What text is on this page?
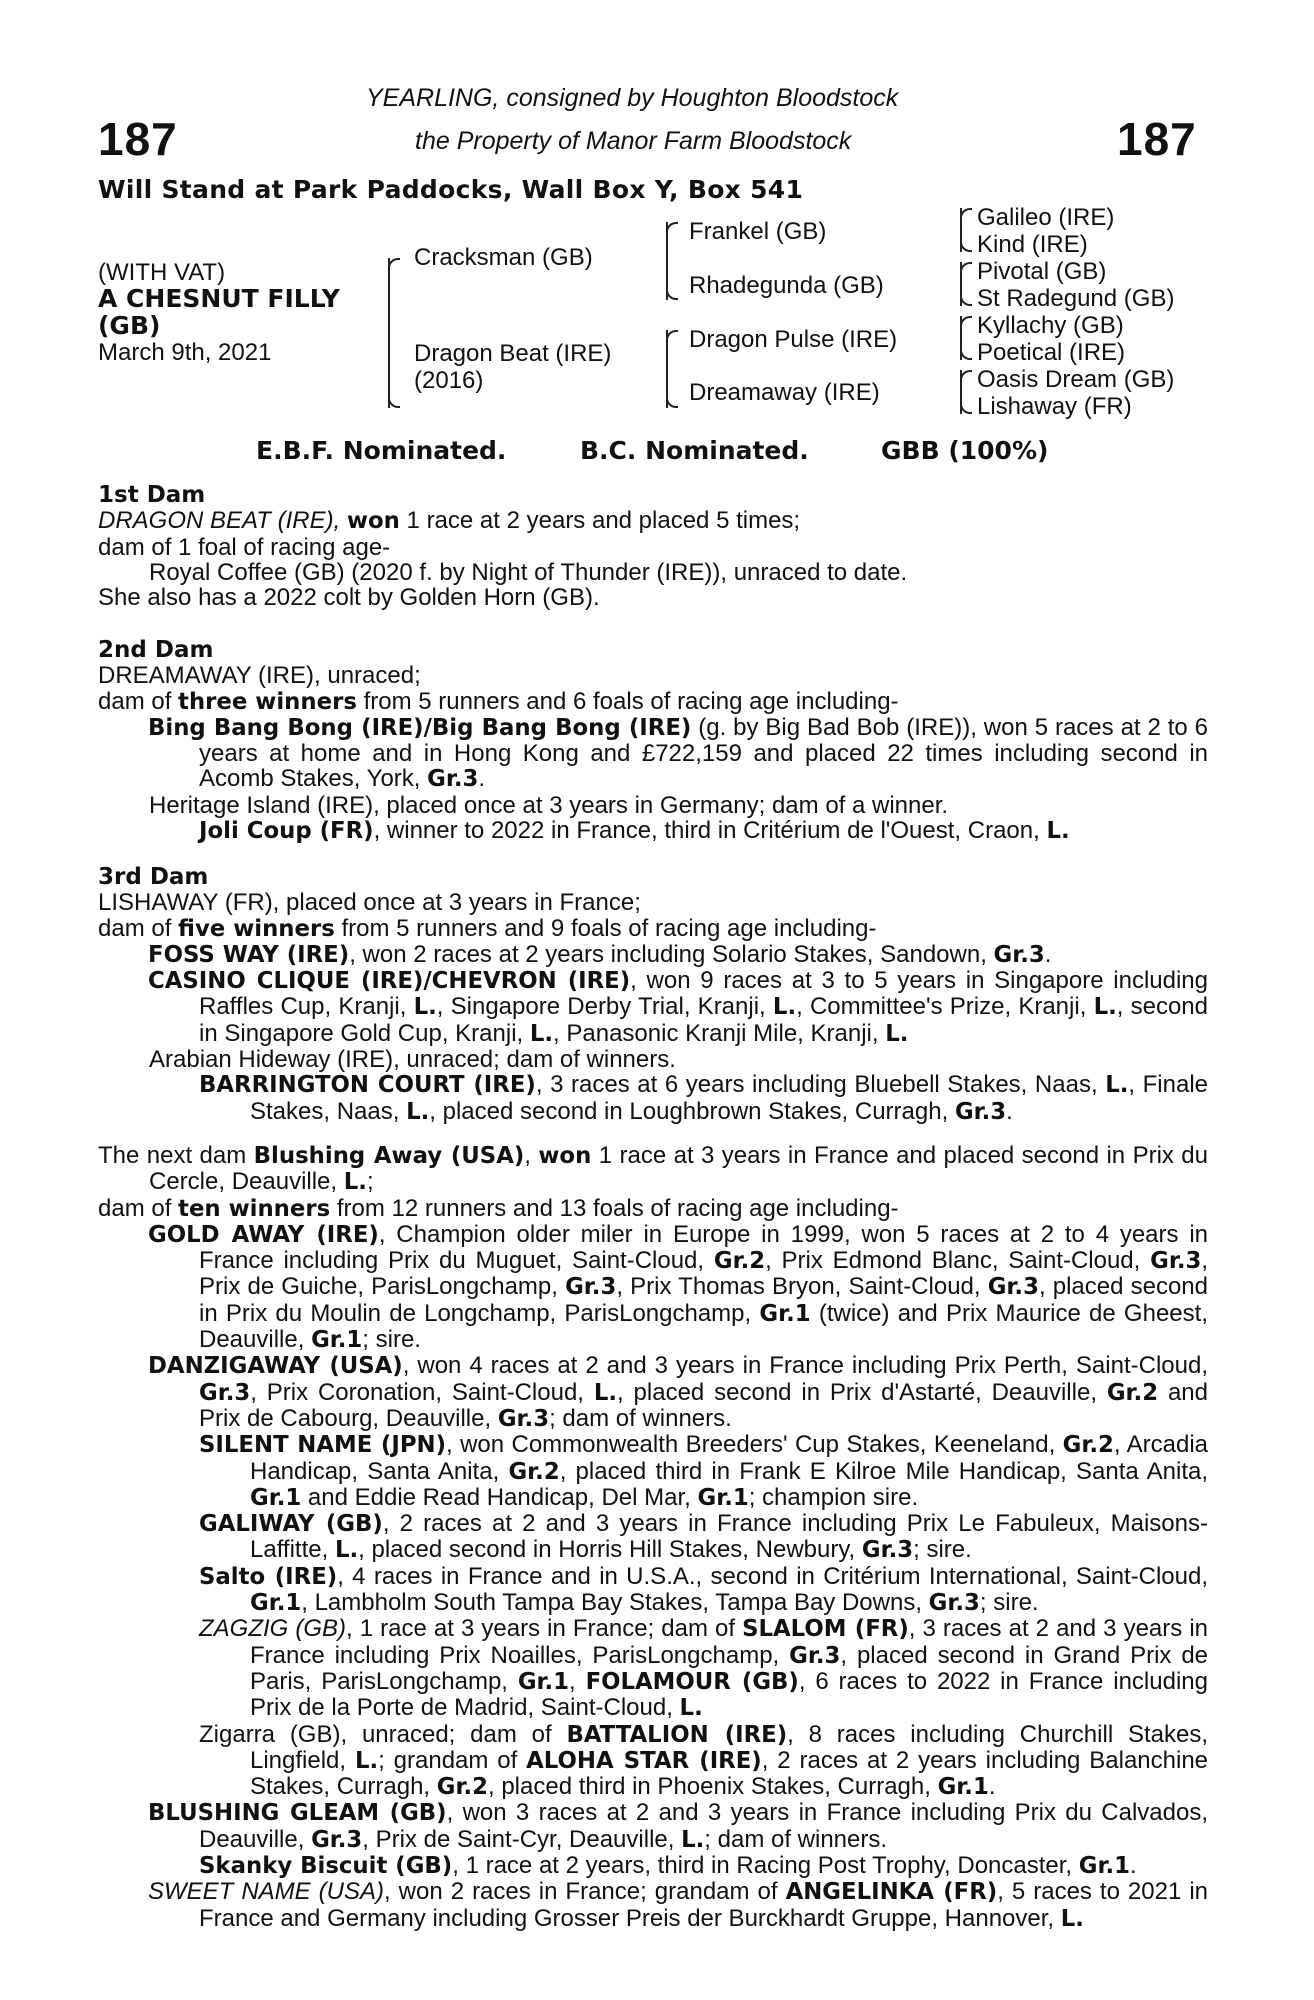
187	187
YEARLING, consigned by Houghton Bloodstock
the Property of Manor Farm Bloodstock
Will Stand at Park Paddocks, Wall Box Y, Box 541
(WITH VAT)
A CHESNUT FILLY
(GB)
March 9th, 2021
Cracksman (GB)
Dragon Beat (IRE)
(2016)
Frankel (GB)
Rhadegunda (GB)
Dragon Pulse (IRE)
Dreamaway (IRE)
Galileo (IRE)
Kind (IRE)
Pivotal (GB)
St Radegund (GB)
Kyllachy (GB)
Poetical (IRE)
Oasis Dream (GB)
Lishaway (FR)
E.B.F. Nominated.	B.C. Nominated.	GBB (100%)

1st Dam

DRAGON BEAT (IRE), won 1 race at 2 years and placed 5 times;

dam of 1 foal of racing age-

Royal Coffee (GB) (2020 f. by Night of Thunder (IRE)), unraced to date.

She also has a 2022 colt by Golden Horn (GB).

2nd Dam

DREAMAWAY (IRE), unraced;

dam of three winners from 5 runners and 6 foals of racing age including-

Bing Bang Bong (IRE)/Big Bang Bong (IRE) (g. by Big Bad Bob (IRE)), won 5 races at 2 to 6 years at home and in Hong Kong and £722,159 and placed 22 times including second in Acomb Stakes, York, Gr.3.

Heritage Island (IRE), placed once at 3 years in Germany; dam of a winner.

Joli Coup (FR), winner to 2022 in France, third in Critérium de l'Ouest, Craon, L.

3rd Dam

LISHAWAY (FR), placed once at 3 years in France;

dam of five winners from 5 runners and 9 foals of racing age including-

FOSS WAY (IRE), won 2 races at 2 years including Solario Stakes, Sandown, Gr.3.

CASINO CLIQUE (IRE)/CHEVRON (IRE), won 9 races at 3 to 5 years in Singapore including Raffles Cup, Kranji, L., Singapore Derby Trial, Kranji, L., Committee's Prize, Kranji, L., second in Singapore Gold Cup, Kranji, L., Panasonic Kranji Mile, Kranji, L.

Arabian Hideway (IRE), unraced; dam of winners.

BARRINGTON COURT (IRE), 3 races at 6 years including Bluebell Stakes, Naas, L., Finale Stakes, Naas, L., placed second in Loughbrown Stakes, Curragh, Gr.3.

The next dam Blushing Away (USA), won 1 race at 3 years in France and placed second in Prix du Cercle, Deauville, L.;

dam of ten winners from 12 runners and 13 foals of racing age including-

GOLD AWAY (IRE), Champion older miler in Europe in 1999, won 5 races at 2 to 4 years in France including Prix du Muguet, Saint-Cloud, Gr.2, Prix Edmond Blanc, Saint-Cloud, Gr.3, Prix de Guiche, ParisLongchamp, Gr.3, Prix Thomas Bryon, Saint-Cloud, Gr.3, placed second in Prix du Moulin de Longchamp, ParisLongchamp, Gr.1 (twice) and Prix Maurice de Gheest, Deauville, Gr.1; sire.

DANZIGAWAY (USA), won 4 races at 2 and 3 years in France including Prix Perth, Saint-Cloud, Gr.3, Prix Coronation, Saint-Cloud, L., placed second in Prix d'Astarté, Deauville, Gr.2 and Prix de Cabourg, Deauville, Gr.3; dam of winners.

SILENT NAME (JPN), won Commonwealth Breeders' Cup Stakes, Keeneland, Gr.2, Arcadia Handicap, Santa Anita, Gr.2, placed third in Frank E Kilroe Mile Handicap, Santa Anita, Gr.1 and Eddie Read Handicap, Del Mar, Gr.1; champion sire.

GALIWAY (GB), 2 races at 2 and 3 years in France including Prix Le Fabuleux, Maisons-Laffitte, L., placed second in Horris Hill Stakes, Newbury, Gr.3; sire.

Salto (IRE), 4 races in France and in U.S.A., second in Critérium International, Saint-Cloud, Gr.1, Lambholm South Tampa Bay Stakes, Tampa Bay Downs, Gr.3; sire.

ZAGZIG (GB), 1 race at 3 years in France; dam of SLALOM (FR), 3 races at 2 and 3 years in France including Prix Noailles, ParisLongchamp, Gr.3, placed second in Grand Prix de Paris, ParisLongchamp, Gr.1, FOLAMOUR (GB), 6 races to 2022 in France including Prix de la Porte de Madrid, Saint-Cloud, L.

Zigarra (GB), unraced; dam of BATTALION (IRE), 8 races including Churchill Stakes, Lingfield, L.; grandam of ALOHA STAR (IRE), 2 races at 2 years including Balanchine Stakes, Curragh, Gr.2, placed third in Phoenix Stakes, Curragh, Gr.1.

BLUSHING GLEAM (GB), won 3 races at 2 and 3 years in France including Prix du Calvados, Deauville, Gr.3, Prix de Saint-Cyr, Deauville, L.; dam of winners.

Skanky Biscuit (GB), 1 race at 2 years, third in Racing Post Trophy, Doncaster, Gr.1.

SWEET NAME (USA), won 2 races in France; grandam of ANGELINKA (FR), 5 races to 2021 in France and Germany including Grosser Preis der Burckhardt Gruppe, Hannover, L.
